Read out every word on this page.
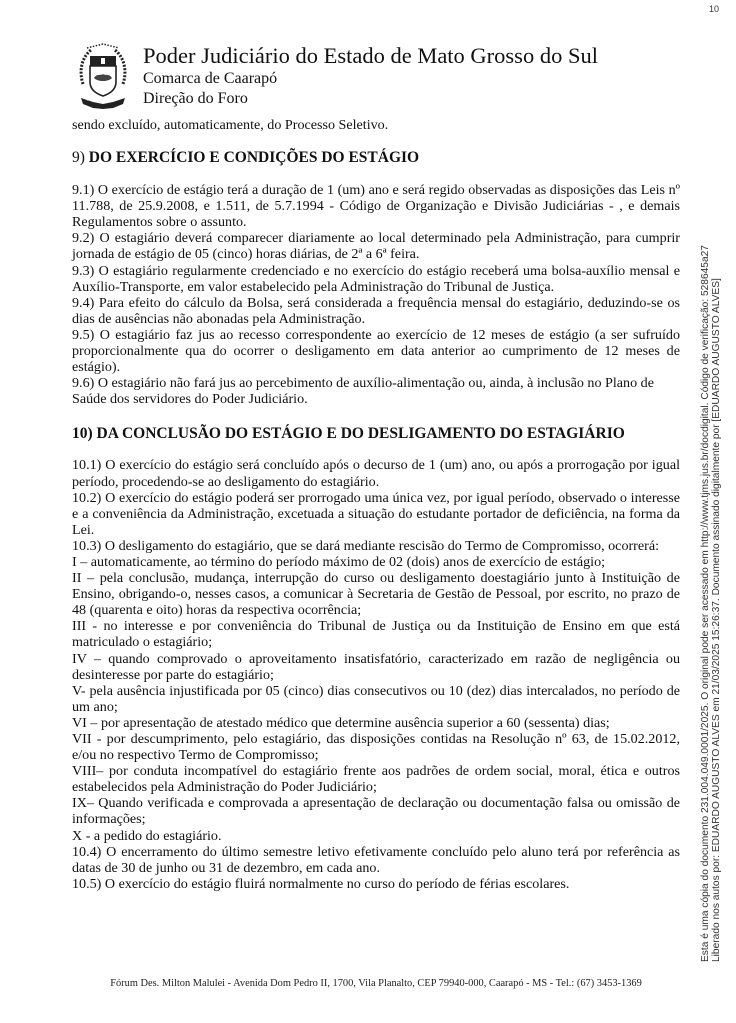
10
Poder Judiciário do Estado de Mato Grosso do Sul
Comarca de Caarapó
Direção do Foro

sendo excluído, automaticamente, do Processo Seletivo.

9) DO EXERCÍCIO E CONDIÇÕES DO ESTÁGIO

9.1) O exercício de estágio terá a duração de 1 (um) ano e será regido observadas as disposições das Leis nº 11.788, de 25.9.2008, e 1.511, de 5.7.1994 - Código de Organização e Divisão Judiciárias - , e demais Regulamentos sobre o assunto.

9.2) O estagiário deverá comparecer diariamente ao local determinado pela Administração, para cumprir jornada de estágio de 05 (cinco) horas diárias, de 2ª a 6ª feira.

9.3) O estagiário regularmente credenciado e no exercício do estágio receberá uma bolsa-auxílio mensal e Auxílio-Transporte, em valor estabelecido pela Administração do Tribunal de Justiça.

9.4) Para efeito do cálculo da Bolsa, será considerada a frequência mensal do estagiário, deduzindo-se os dias de ausências não abonadas pela Administração.

9.5) O estagiário faz jus ao recesso correspondente ao exercício de 12 meses de estágio (a ser sufruído proporcionalmente qua do ocorrer o desligamento em data anterior ao cumprimento de 12 meses de estágio).

9.6) O estagiário não fará jus ao percebimento de auxílio-alimentação ou, ainda, à inclusão no Plano de Saúde dos servidores do Poder Judiciário.

10) DA CONCLUSÃO DO ESTÁGIO E DO DESLIGAMENTO DO ESTAGIÁRIO

10.1) O exercício do estágio será concluído após o decurso de 1 (um) ano, ou após a prorrogação por igual período, procedendo-se ao desligamento do estagiário.

10.2) O exercício do estágio poderá ser prorrogado uma única vez, por igual período, observado o interesse e a conveniência da Administração, excetuada a situação do estudante portador de deficiência, na forma da Lei.

10.3) O desligamento do estagiário, que se dará mediante rescisão do Termo de Compromisso, ocorrerá:

I – automaticamente, ao término do período máximo de 02 (dois) anos de exercício de estágio;

II – pela conclusão, mudança, interrupção do curso ou desligamento doestagiário junto à Instituição de Ensino, obrigando-o, nesses casos, a comunicar à Secretaria de Gestão de Pessoal, por escrito, no prazo de 48 (quarenta e oito) horas da respectiva ocorrência;

III - no interesse e por conveniência do Tribunal de Justiça ou da Instituição de Ensino em que está matriculado o estagiário;

IV – quando comprovado o aproveitamento insatisfatório, caracterizado em razão de negligência ou desinteresse por parte do estagiário;

V- pela ausência injustificada por 05 (cinco) dias consecutivos ou 10 (dez) dias intercalados, no período de um ano;

VI – por apresentação de atestado médico que determine ausência superior a 60 (sessenta) dias;

VII - por descumprimento, pelo estagiário, das disposições contidas na Resolução nº 63, de 15.02.2012, e/ou no respectivo Termo de Compromisso;

VIII– por conduta incompatível do estagiário frente aos padrões de ordem social, moral, ética e outros estabelecidos pela Administração do Poder Judiciário;

IX– Quando verificada e comprovada a apresentação de declaração ou documentação falsa ou omissão de informações;

X - a pedido do estagiário.

10.4) O encerramento do último semestre letivo efetivamente concluído pelo aluno terá por referência as datas de 30 de junho ou 31 de dezembro, em cada ano.

10.5) O exercício do estágio fluirá normalmente no curso do período de férias escolares.

Fórum Des. Milton Malulei - Avenida Dom Pedro II, 1700, Vila Planalto, CEP 79940-000, Caarapó - MS - Tel.: (67) 3453-1369
Esta é uma cópia do documento 231.004.049.0001/2025. O original pode ser acessado em http://www.tjms.jus.br/docdigital. Código de verificação: 528645a27 Liberado nos autos por: EDUARDO AUGUSTO ALVES em 21/03/2025 15:26:37. Documento assinado digitalmente por [EDUARDO AUGUSTO ALVES]
